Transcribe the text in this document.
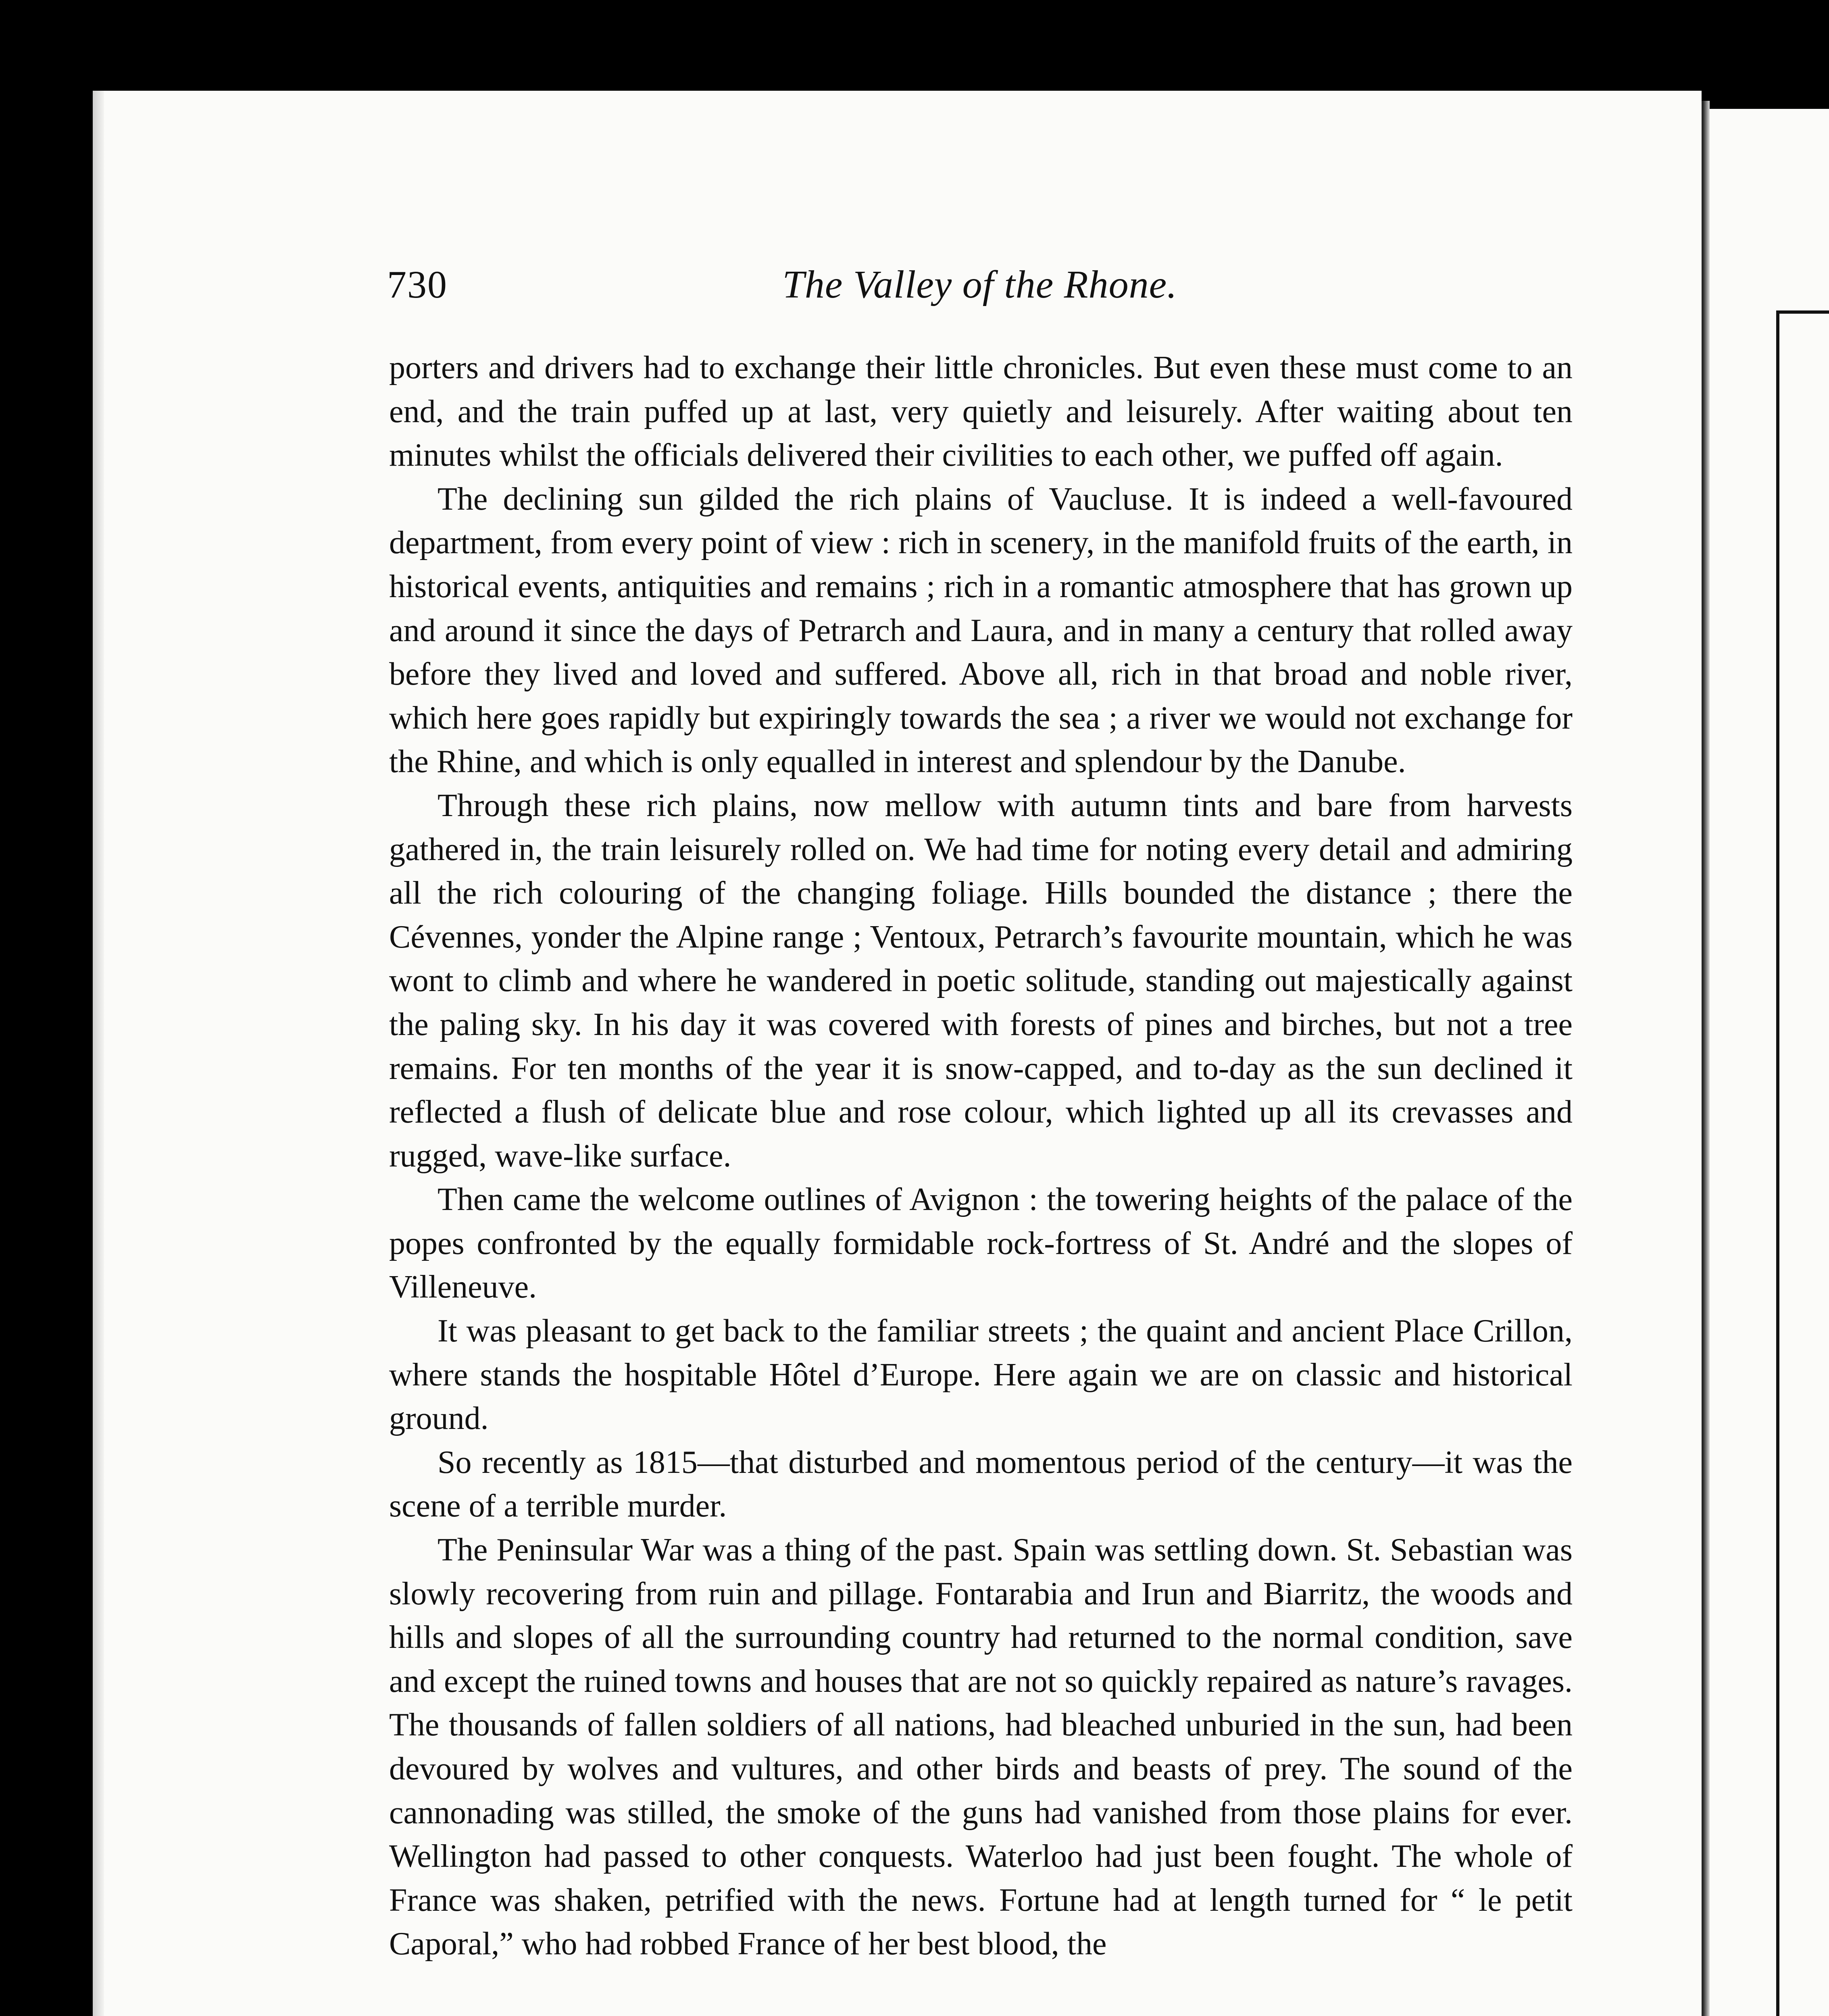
730	The Valley of the Rhone.

porters and drivers had to exchange their little chronicles. But even these must come to an end, and the train puffed up at last, very quietly and leisurely. After waiting about ten minutes whilst the officials delivered their civilities to each other, we puffed off again.

The declining sun gilded the rich plains of Vaucluse. It is indeed a well-favoured department, from every point of view : rich in scenery, in the manifold fruits of the earth, in historical events, antiquities and remains ; rich in a romantic atmosphere that has grown up and around it since the days of Petrarch and Laura, and in many a century that rolled away before they lived and loved and suffered. Above all, rich in that broad and noble river, which here goes rapidly but expiringly towards the sea ; a river we would not exchange for the Rhine, and which is only equalled in interest and splendour by the Danube.

Through these rich plains, now mellow with autumn tints and bare from harvests gathered in, the train leisurely rolled on. We had time for noting every detail and admiring all the rich colouring of the changing foliage. Hills bounded the distance ; there the Cévennes, yonder the Alpine range ; Ventoux, Petrarch’s favourite mountain, which he was wont to climb and where he wandered in poetic solitude, standing out majestically against the paling sky. In his day it was covered with forests of pines and birches, but not a tree remains. For ten months of the year it is snow-capped, and to-day as the sun declined it reflected a flush of delicate blue and rose colour, which lighted up all its crevasses and rugged, wave-like surface.

Then came the welcome outlines of Avignon : the towering heights of the palace of the popes confronted by the equally formidable rock-fortress of St. André and the slopes of Villeneuve.

It was pleasant to get back to the familiar streets ; the quaint and ancient Place Crillon, where stands the hospitable Hôtel d’Europe. Here again we are on classic and historical ground.

So recently as 1815—that disturbed and momentous period of the century—it was the scene of a terrible murder.

The Peninsular War was a thing of the past. Spain was settling down. St. Sebastian was slowly recovering from ruin and pillage. Fontarabia and Irun and Biarritz, the woods and hills and slopes of all the surrounding country had returned to the normal condition, save and except the ruined towns and houses that are not so quickly repaired as nature’s ravages. The thousands of fallen soldiers of all nations, had bleached unburied in the sun, had been devoured by wolves and vultures, and other birds and beasts of prey. The sound of the cannonading was stilled, the smoke of the guns had vanished from those plains for ever. Wellington had passed to other conquests. Waterloo had just been fought. The whole of France was shaken, petrified with the news. Fortune had at length turned for “ le petit Caporal,” who had robbed France of her best blood, the
